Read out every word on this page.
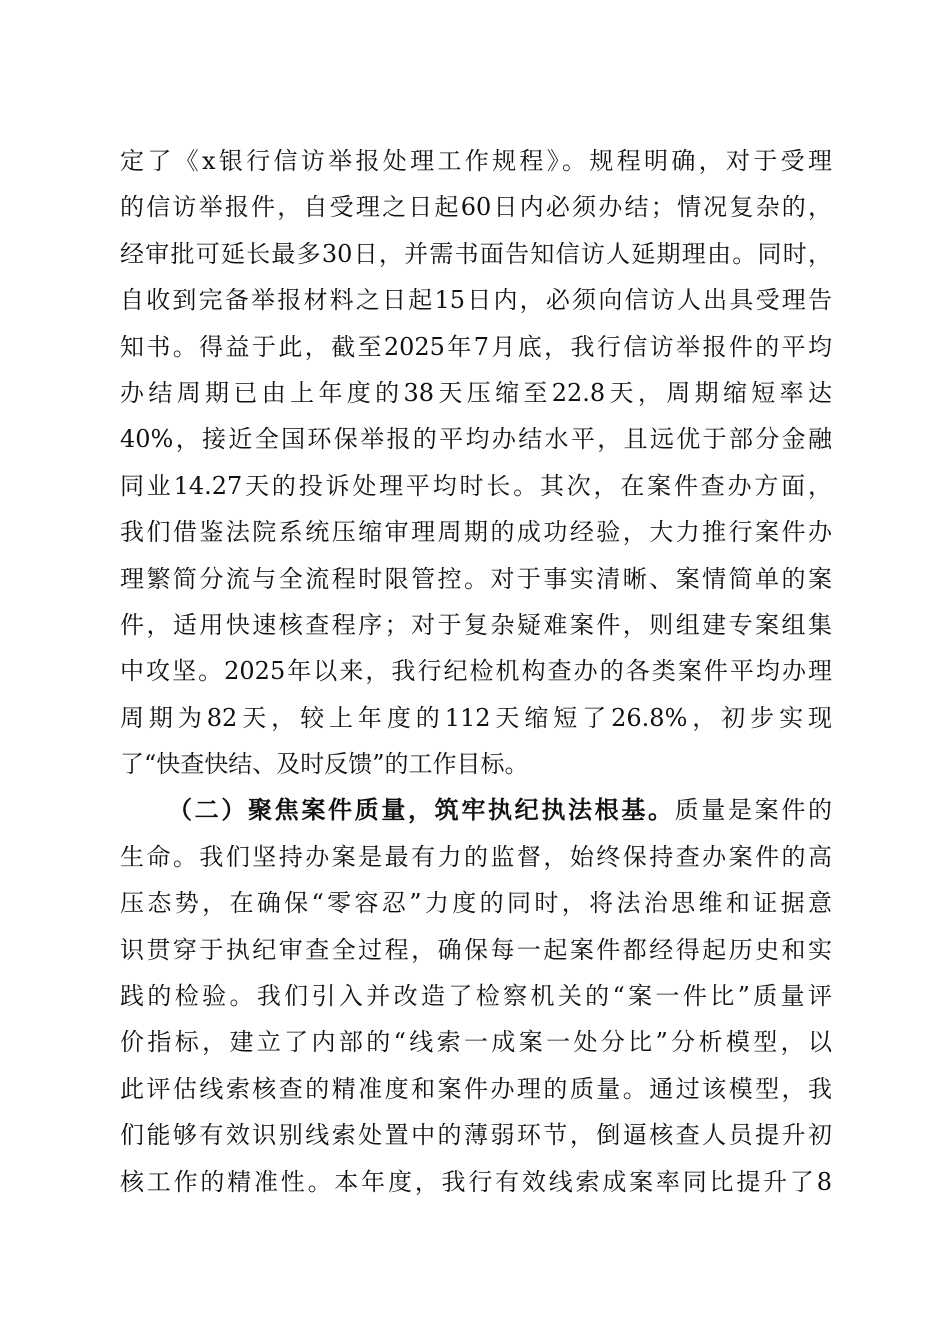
定了《x银行信访举报处理工作规程》。规程明确，对于受理
的信访举报件，自受理之日起60日内必须办结；情况复杂的，
经审批可延长最多30日，并需书面告知信访人延期理由。同时，
自收到完备举报材料之日起15日内，必须向信访人出具受理告
知书。得益于此，截至2025年7月底，我行信访举报件的平均
办结周期已由上年度的38天压缩至22.8天，周期缩短率达
40%，接近全国环保举报的平均办结水平，且远优于部分金融
同业14.27天的投诉处理平均时长。其次，在案件查办方面，
我们借鉴法院系统压缩审理周期的成功经验，大力推行案件办
理繁简分流与全流程时限管控。对于事实清晰、案情简单的案
件，适用快速核查程序；对于复杂疑难案件，则组建专案组集
中攻坚。2025年以来，我行纪检机构查办的各类案件平均办理
周期为82天，较上年度的112天缩短了26.8%，初步实现
了“快查快结、及时反馈”的工作目标。
（二）聚焦案件质量，筑牢执纪执法根基。质量是案件的
生命。我们坚持办案是最有力的监督，始终保持查办案件的高
压态势，在确保“零容忍”力度的同时，将法治思维和证据意
识贯穿于执纪审查全过程，确保每一起案件都经得起历史和实
践的检验。我们引入并改造了检察机关的“案一件比”质量评
价指标，建立了内部的“线索一成案一处分比”分析模型，以
此评估线索核查的精准度和案件办理的质量。通过该模型，我
们能够有效识别线索处置中的薄弱环节，倒逼核查人员提升初
核工作的精准性。本年度，我行有效线索成案率同比提升了8
